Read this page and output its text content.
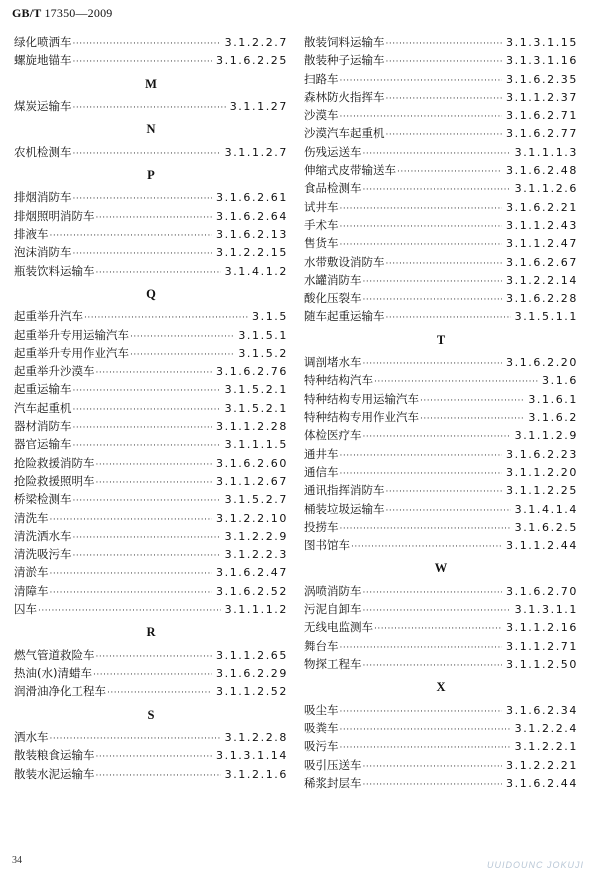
GB/T 17350—2009
绿化喷洒车 ·····	3.1.2.2.7
螺旋地锚车 ·····	3.1.6.2.25
M
煤炭运输车 ·····	3.1.1.27
N
农机检测车 ·····	3.1.1.2.7
P
排烟消防车 ·····	3.1.6.2.61
排烟照明消防车 ·····	3.1.6.2.64
排液车 ·····	3.1.6.2.13
泡沫消防车 ·····	3.1.2.2.15
瓶装饮料运输车 ·····	3.1.4.1.2
Q
起重举升汽车 ·····	3.1.5
起重举升专用运输汽车 ·····	3.1.5.1
起重举升专用作业汽车 ·····	3.1.5.2
起重举升沙漠车 ·····	3.1.6.2.76
起重运输车 ·····	3.1.5.2.1
汽车起重机 ·····	3.1.5.2.1
器材消防车 ·····	3.1.1.2.28
器官运输车 ·····	3.1.1.1.5
抢险救援消防车 ·····	3.1.6.2.60
抢险救援照明车 ·····	3.1.1.2.67
桥梁检测车 ·····	3.1.5.2.7
清洗车 ·····	3.1.2.2.10
清洗洒水车 ·····	3.1.2.2.9
清洗吸污车 ·····	3.1.2.2.3
清淤车 ·····	3.1.6.2.47
清障车 ·····	3.1.6.2.52
囚车 ·····	3.1.1.1.2
R
燃气管道救险车 ·····	3.1.1.2.65
热油(水)清蜡车 ·····	3.1.6.2.29
润滑油净化工程车 ·····	3.1.1.2.52
S
洒水车 ·····	3.1.2.2.8
散装粮食运输车 ·····	3.1.3.1.14
散装水泥运输车 ·····	3.1.2.1.6
散装饲料运输车 ·····	3.1.3.1.15
散装种子运输车 ·····	3.1.3.1.16
扫路车 ·····	3.1.6.2.35
森林防火指挥车 ·····	3.1.1.2.37
沙漠车 ·····	3.1.6.2.71
沙漠汽车起重机 ·····	3.1.6.2.77
伤残运送车 ·····	3.1.1.1.3
伸缩式皮带输送车 ·····	3.1.6.2.48
食品检测车 ·····	3.1.1.2.6
试井车 ·····	3.1.6.2.21
手术车 ·····	3.1.1.2.43
售货车 ·····	3.1.1.2.47
水带敷设消防车 ·····	3.1.6.2.67
水罐消防车 ·····	3.1.2.2.14
酸化压裂车 ·····	3.1.6.2.28
随车起重运输车 ·····	3.1.5.1.1
T
调剖堵水车 ·····	3.1.6.2.20
特种结构汽车 ·····	3.1.6
特种结构专用运输汽车 ·····	3.1.6.1
特种结构专用作业汽车 ·····	3.1.6.2
体检医疗车 ·····	3.1.1.2.9
通井车 ·····	3.1.6.2.23
通信车 ·····	3.1.1.2.20
通讯指挥消防车 ·····	3.1.1.2.25
桶装垃圾运输车 ·····	3.1.4.1.4
投捞车 ·····	3.1.6.2.5
图书馆车 ·····	3.1.1.2.44
W
涡喷消防车 ·····	3.1.6.2.70
污泥自卸车 ·····	3.1.3.1.1
无线电监测车 ·····	3.1.1.2.16
舞台车 ·····	3.1.1.2.71
物探工程车 ·····	3.1.1.2.50
X
吸尘车 ·····	3.1.6.2.34
吸粪车 ·····	3.1.2.2.4
吸污车 ·····	3.1.2.2.1
吸引压送车 ·····	3.1.2.2.21
稀浆封层车 ·····	3.1.6.2.44
34	UUIDOUNC JOKUJI
